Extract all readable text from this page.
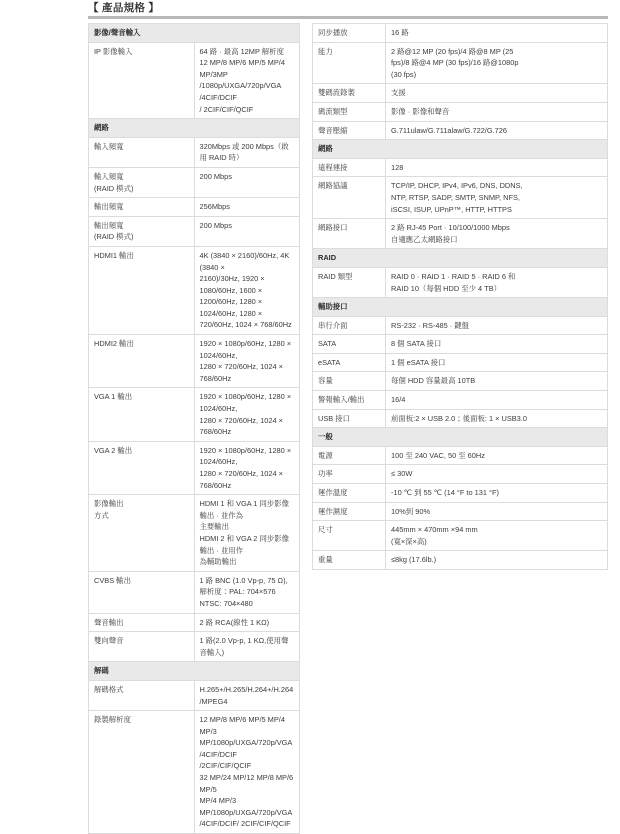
【 產品規格 】
影像/聲音輸入	
IP 影像輸入	64 路 · 最高 12MP 解析度
12 MP/8 MP/6 MP/5 MP/4 MP/3MP
/1080p/UXGA/720p/VGA /4CIF/DCIF
/ 2CIF/CIF/QCIF

網路	
輸入頻寬	320Mbps 或 200 Mbps（啟用 RAID 時）

輸入頻寬
(RAID 模式)	200 Mbps

輸出頻寬	256Mbps

輸出頻寬
(RAID 模式)	200 Mbps

HDMI1 輸出	4K (3840 × 2160)/60Hz, 4K (3840 ×
2160)/30Hz, 1920 × 1080/60Hz, 1600 ×
1200/60Hz, 1280 × 1024/60Hz, 1280 ×
720/60Hz, 1024 × 768/60Hz

HDMI2 輸出	1920 × 1080p/60Hz, 1280 × 1024/60Hz,
1280 × 720/60Hz, 1024 × 768/60Hz

VGA 1 輸出	1920 × 1080p/60Hz, 1280 × 1024/60Hz,
1280 × 720/60Hz, 1024 × 768/60Hz

VGA 2 輸出	1920 × 1080p/60Hz, 1280 × 1024/60Hz,
1280 × 720/60Hz, 1024 × 768/60Hz

影像輸出
方式	HDMI 1 和 VGA 1 同步影像輸出 · 並作為
主要輸出
HDMI 2 和 VGA 2 同步影像輸出 · 並用作
為輔助輸出

CVBS 輸出	1 路 BNC (1.0 Vp-p, 75 Ω),
解析度：PAL: 704×576 NTSC: 704×480

聲音輸出	2 路 RCA(線性 1 KΩ)

雙向聲音	1 路(2.0 Vp-p, 1 KΩ,使用聲音輸入)

解碼	
解碼格式	H.265+/H.265/H.264+/H.264/MPEG4

錄製解析度	12 MP/8 MP/6 MP/5 MP/4 MP/3
MP/1080p/UXGA/720p/VGA/4CIF/DCIF
/2CIF/CIF/QCIF
32 MP/24 MP/12 MP/8 MP/6 MP/5
MP/4 MP/3
MP/1080p/UXGA/720p/VGA
/4CIF/DCIF/ 2CIF/CIF/QCIF
同步播放	16 路

能力	2 路@12 MP (20 fps)/4 路@8 MP (25
fps)/8 路@4 MP (30 fps)/16 路@1080p
(30 fps)

雙碼流錄製	支援

碼流類型	影像 · 影像和聲音

聲音壓縮	G.711ulaw/G.711alaw/G.722/G.726

網路	
遠程連接	128

網路協議	TCP/IP, DHCP, IPv4, IPv6, DNS, DDNS,
NTP, RTSP, SADP, SMTP, SNMP, NFS,
iSCSI, ISUP, UPnP™, HTTP, HTTPS

網路接口	2 路 RJ-45 Port · 10/100/1000 Mbps
自適應乙太網路接口

RAID	
RAID 類型	RAID 0 · RAID 1 · RAID 5 · RAID 6 和
RAID 10（每個 HDD 至少 4 TB）

輔助接口	
串行介面	RS-232 · RS-485 · 鍵盤

SATA	8 個 SATA 接口

eSATA	1 個 eSATA 接口

容量	每個 HDD 容量最高 10TB

警報輸入/輸出	16/4

USB 接口	前面板:2 × USB 2.0；後面板: 1 × USB3.0

一般	
電源	100 至 240 VAC, 50 至 60Hz

功率	≤ 30W

運作溫度	-10 ℃ 到 55 ℃ (14 °F to 131 °F)

運作濕度	10%到 90%

尺寸	445mm × 470mm ×94 mm
(寬×深×高)

重量	≤8kg (17.6lb.)
